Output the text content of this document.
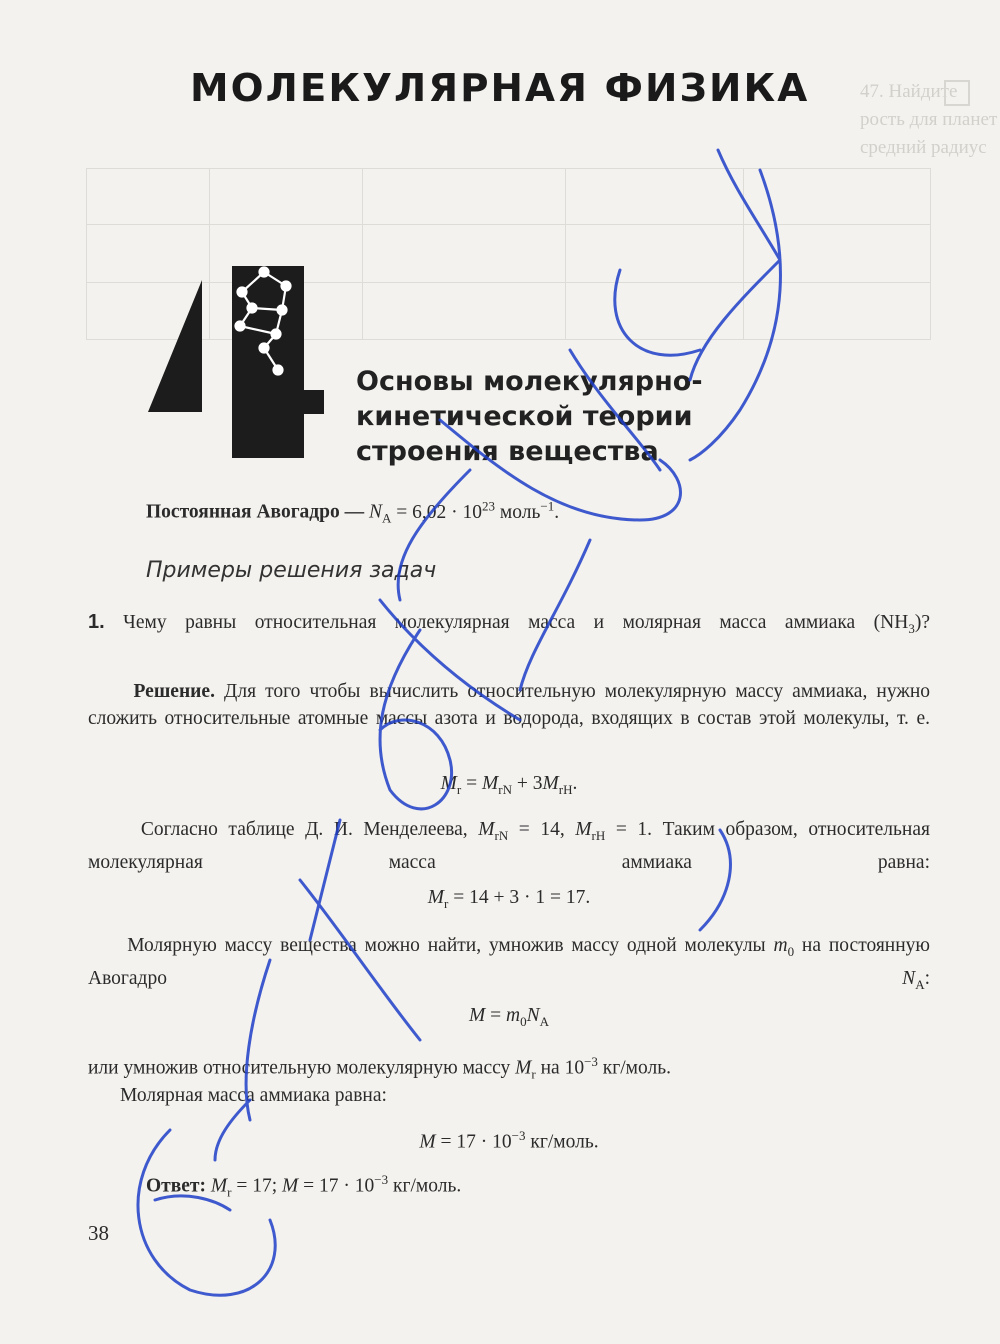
47. Найдите
рость для планет
средний радиус

МОЛЕКУЛЯРНАЯ ФИЗИКА
Основы молекулярно-
кинетической теории
строения вещества
Постоянная Авогадро — $N_A = 6,02 \cdot 10^{23}$ моль$^{-1}$.
Примеры решения задач
1. Чему равны относительная молекулярная масса и молярная масса аммиака $(NH_3)$?
Решение. Для того чтобы вычислить относительную молекулярную массу аммиака, нужно сложить относительные атомные массы азота и водорода, входящих в состав этой молекулы, т. е.
$M_r = M_{rN} + 3M_{rH}$.
Согласно таблице Д. И. Менделеева, $M_{rN} = 14$, $M_{rH} = 1$. Таким образом, относительная молекулярная масса аммиака равна:
$M_r = 14 + 3 \cdot 1 = 17$.
Молярную массу вещества можно найти, умножив массу одной молекулы $m_0$ на постоянную Авогадро $N_A$:
$M = m_0N_A$
или умножив относительную молекулярную массу $M_r$ на $10^{-3}$ кг/моль.
Молярная масса аммиака равна:
$M = 17 \cdot 10^{-3}$ кг/моль.
Ответ: $M_r = 17$; $M = 17 \cdot 10^{-3}$ кг/моль.
38
